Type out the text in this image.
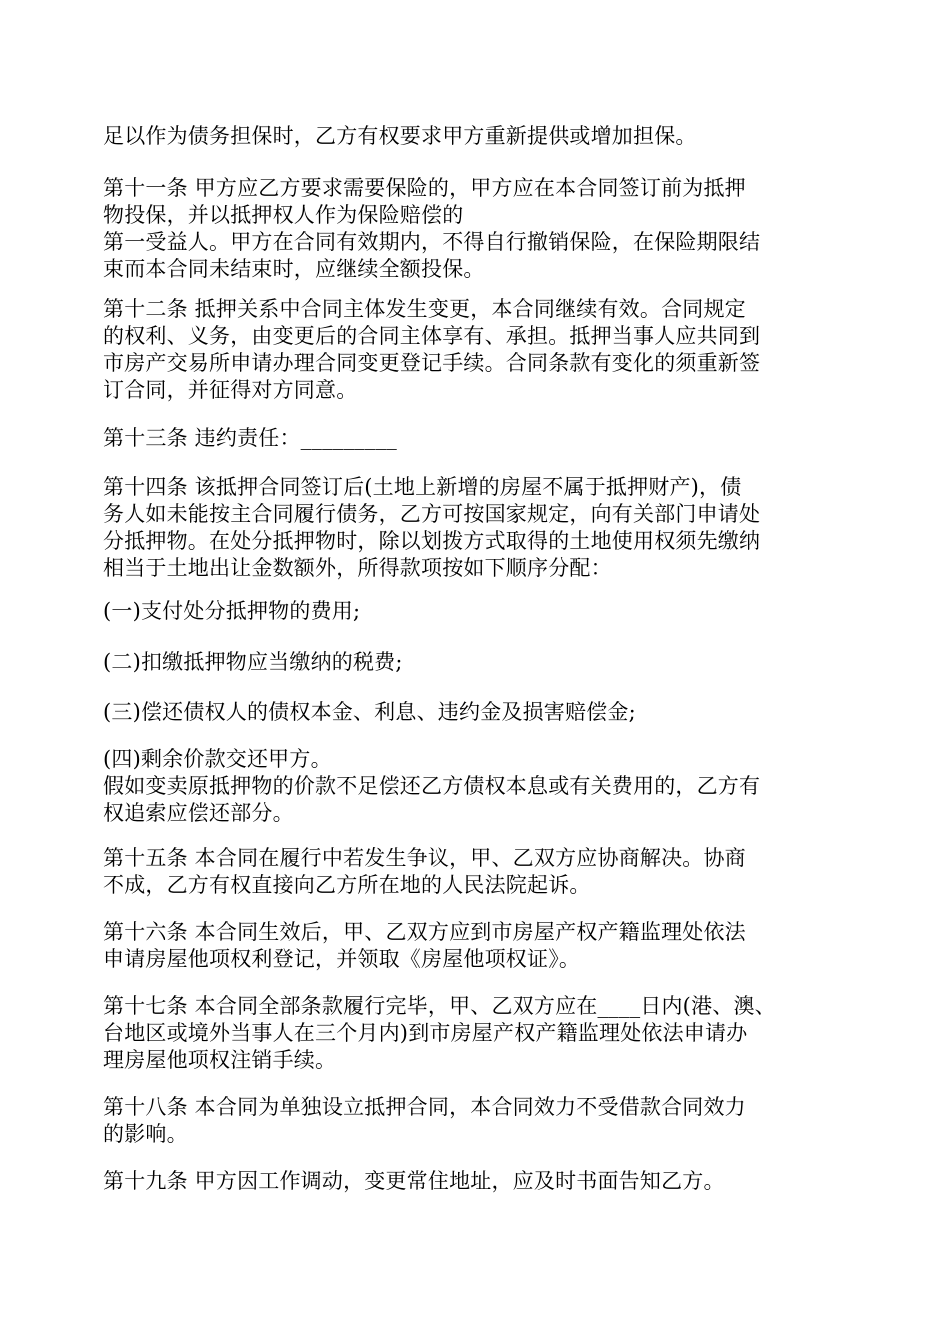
足以作为债务担保时，乙方有权要求甲方重新提供或增加担保。
第十一条 甲方应乙方要求需要保险的，甲方应在本合同签订前为抵押
物投保，并以抵押权人作为保险赔偿的
第一受益人。甲方在合同有效期内，不得自行撤销保险，在保险期限结
束而本合同未结束时，应继续全额投保。
第十二条 抵押关系中合同主体发生变更，本合同继续有效。合同规定
的权利、义务，由变更后的合同主体享有、承担。抵押当事人应共同到
市房产交易所申请办理合同变更登记手续。合同条款有变化的须重新签
订合同，并征得对方同意。
第十三条 违约责任：_________
第十四条 该抵押合同签订后(土地上新增的房屋不属于抵押财产)，债
务人如未能按主合同履行债务，乙方可按国家规定，向有关部门申请处
分抵押物。在处分抵押物时，除以划拨方式取得的土地使用权须先缴纳
相当于土地出让金数额外，所得款项按如下顺序分配：
(一)支付处分抵押物的费用;
(二)扣缴抵押物应当缴纳的税费;
(三)偿还债权人的债权本金、利息、违约金及损害赔偿金;
(四)剩余价款交还甲方。
假如变卖原抵押物的价款不足偿还乙方债权本息或有关费用的，乙方有
权追索应偿还部分。
第十五条 本合同在履行中若发生争议，甲、乙双方应协商解决。协商
不成，乙方有权直接向乙方所在地的人民法院起诉。
第十六条 本合同生效后，甲、乙双方应到市房屋产权产籍监理处依法
申请房屋他项权利登记，并领取《房屋他项权证》。
第十七条 本合同全部条款履行完毕，甲、乙双方应在____日内(港、澳、
台地区或境外当事人在三个月内)到市房屋产权产籍监理处依法申请办
理房屋他项权注销手续。
第十八条 本合同为单独设立抵押合同，本合同效力不受借款合同效力
的影响。
第十九条 甲方因工作调动，变更常住地址，应及时书面告知乙方。
